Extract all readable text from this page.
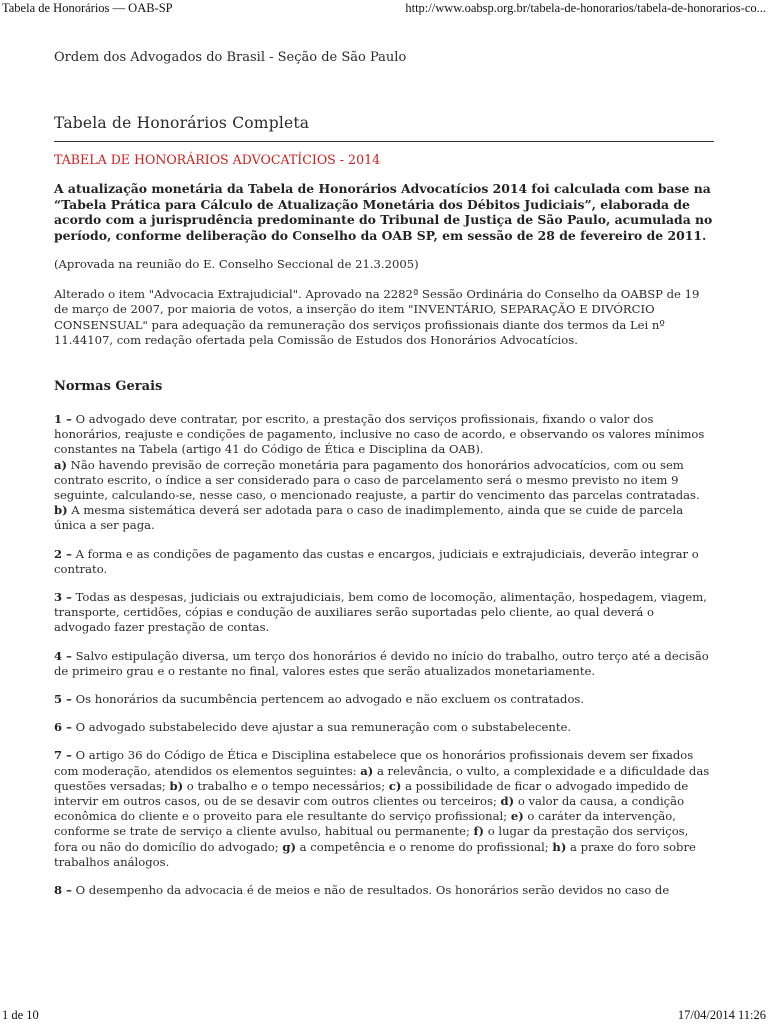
Tabela de Honorários — OAB-SP	http://www.oabsp.org.br/tabela-de-honorarios/tabela-de-honorarios-co...

Ordem dos Advogados do Brasil - Seção de São Paulo

Tabela de Honorários Completa

TABELA DE HONORÁRIOS ADVOCATÍCIOS - 2014

A atualização monetária da Tabela de Honorários Advocatícios 2014 foi calculada com base na “Tabela Prática para Cálculo de Atualização Monetária dos Débitos Judiciais”, elaborada de acordo com a jurisprudência predominante do Tribunal de Justiça de São Paulo, acumulada no período, conforme deliberação do Conselho da OAB SP, em sessão de 28 de fevereiro de 2011.

(Aprovada na reunião do E. Conselho Seccional de 21.3.2005)

Alterado o item "Advocacia Extrajudicial". Aprovado na 2282ª Sessão Ordinária do Conselho da OABSP de 19 de março de 2007, por maioria de votos, a inserção do item "INVENTÁRIO, SEPARAÇÃO E DIVÓRCIO CONSENSUAL" para adequação da remuneração dos serviços profissionais diante dos termos da Lei nº 11.44107, com redação ofertada pela Comissão de Estudos dos Honorários Advocatícios.

Normas Gerais

1 – O advogado deve contratar, por escrito, a prestação dos serviços profissionais, fixando o valor dos honorários, reajuste e condições de pagamento, inclusive no caso de acordo, e observando os valores mínimos constantes na Tabela (artigo 41 do Código de Ética e Disciplina da OAB).

a) Não havendo previsão de correção monetária para pagamento dos honorários advocatícios, com ou sem contrato escrito, o índice a ser considerado para o caso de parcelamento será o mesmo previsto no item 9 seguinte, calculando-se, nesse caso, o mencionado reajuste, a partir do vencimento das parcelas contratadas.

b) A mesma sistemática deverá ser adotada para o caso de inadimplemento, ainda que se cuide de parcela única a ser paga.

2 – A forma e as condições de pagamento das custas e encargos, judiciais e extrajudiciais, deverão integrar o contrato.

3 – Todas as despesas, judiciais ou extrajudiciais, bem como de locomoção, alimentação, hospedagem, viagem, transporte, certidões, cópias e condução de auxiliares serão suportadas pelo cliente, ao qual deverá o advogado fazer prestação de contas.

4 – Salvo estipulação diversa, um terço dos honorários é devido no início do trabalho, outro terço até a decisão de primeiro grau e o restante no final, valores estes que serão atualizados monetariamente.

5 – Os honorários da sucumbência pertencem ao advogado e não excluem os contratados.

6 – O advogado substabelecido deve ajustar a sua remuneração com o substabelecente.

7 – O artigo 36 do Código de Ética e Disciplina estabelece que os honorários profissionais devem ser fixados com moderação, atendidos os elementos seguintes: a) a relevância, o vulto, a complexidade e a dificuldade das questões versadas; b) o trabalho e o tempo necessários; c) a possibilidade de ficar o advogado impedido de intervir em outros casos, ou de se desavir com outros clientes ou terceiros; d) o valor da causa, a condição econômica do cliente e o proveito para ele resultante do serviço profissional; e) o caráter da intervenção, conforme se trate de serviço a cliente avulso, habitual ou permanente; f) o lugar da prestação dos serviços, fora ou não do domicílio do advogado; g) a competência e o renome do profissional; h) a praxe do foro sobre trabalhos análogos.

8 – O desempenho da advocacia é de meios e não de resultados. Os honorários serão devidos no caso de

1 de 10	17/04/2014 11:26
